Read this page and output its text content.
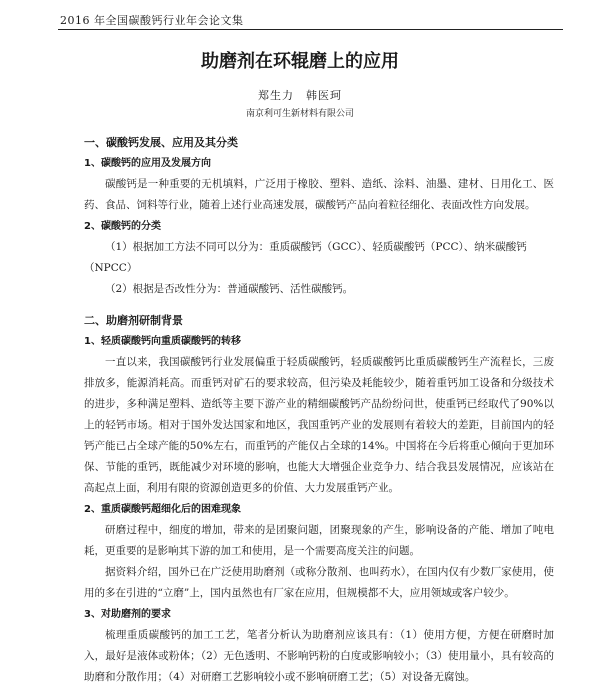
2016 年全国碳酸钙行业年会论文集
助磨剂在环辊磨上的应用
郑生力　韩医珂
南京利可生新材料有限公司
一、碳酸钙发展、应用及其分类
1、碳酸钙的应用及发展方向

碳酸钙是一种重要的无机填料，广泛用于橡胶、塑料、造纸、涂料、油墨、建材、日用化工、医药、食品、饲料等行业，随着上述行业高速发展，碳酸钙产品向着粒径细化、表面改性方向发展。

2、碳酸钙的分类

（1）根据加工方法不同可以分为：重质碳酸钙（GCC）、轻质碳酸钙（PCC）、纳米碳酸钙（NPCC）

（2）根据是否改性分为：普通碳酸钙、活性碳酸钙。

二、助磨剂研制背景
1、轻质碳酸钙向重质碳酸钙的转移

一直以来，我国碳酸钙行业发展偏重于轻质碳酸钙，轻质碳酸钙比重质碳酸钙生产流程长，三废排放多，能源消耗高。而重钙对矿石的要求较高，但污染及耗能较少，随着重钙加工设备和分级技术的进步，多种满足塑料、造纸等主要下游产业的精细碳酸钙产品纷纷问世，使重钙已经取代了90%以上的轻钙市场。相对于国外发达国家和地区，我国重钙产业的发展则有着较大的差距，目前国内的轻钙产能已占全球产能的50%左右，而重钙的产能仅占全球的14%。中国将在今后将重心倾向于更加环保、节能的重钙，既能减少对环境的影响，也能大大增强企业竞争力、结合我县发展情况，应该站在高起点上面，利用有限的资源创造更多的价值、大力发展重钙产业。

2、重质碳酸钙超细化后的困难现象

研磨过程中，细度的增加，带来的是团聚问题，团聚现象的产生，影响设备的产能、增加了吨电耗，更重要的是影响其下游的加工和使用，是一个需要高度关注的问题。

据资料介绍，国外已在广泛使用助磨剂（或称分散剂、也叫药水），在国内仅有少数厂家使用，使用的多在引进的“立磨”上，国内虽然也有厂家在应用，但规模都不大，应用领域或客户较少。

3、对助磨剂的要求

梳理重质碳酸钙的加工工艺，笔者分析认为助磨剂应该具有：（1）使用方便，方便在研磨时加入，最好是液体或粉体；（2）无色透明、不影响钙粉的白度或影响较小；（3）使用量小，具有较高的助磨和分散作用；（4）对研磨工艺影响较小或不影响研磨工艺；（5）对设备无腐蚀。
